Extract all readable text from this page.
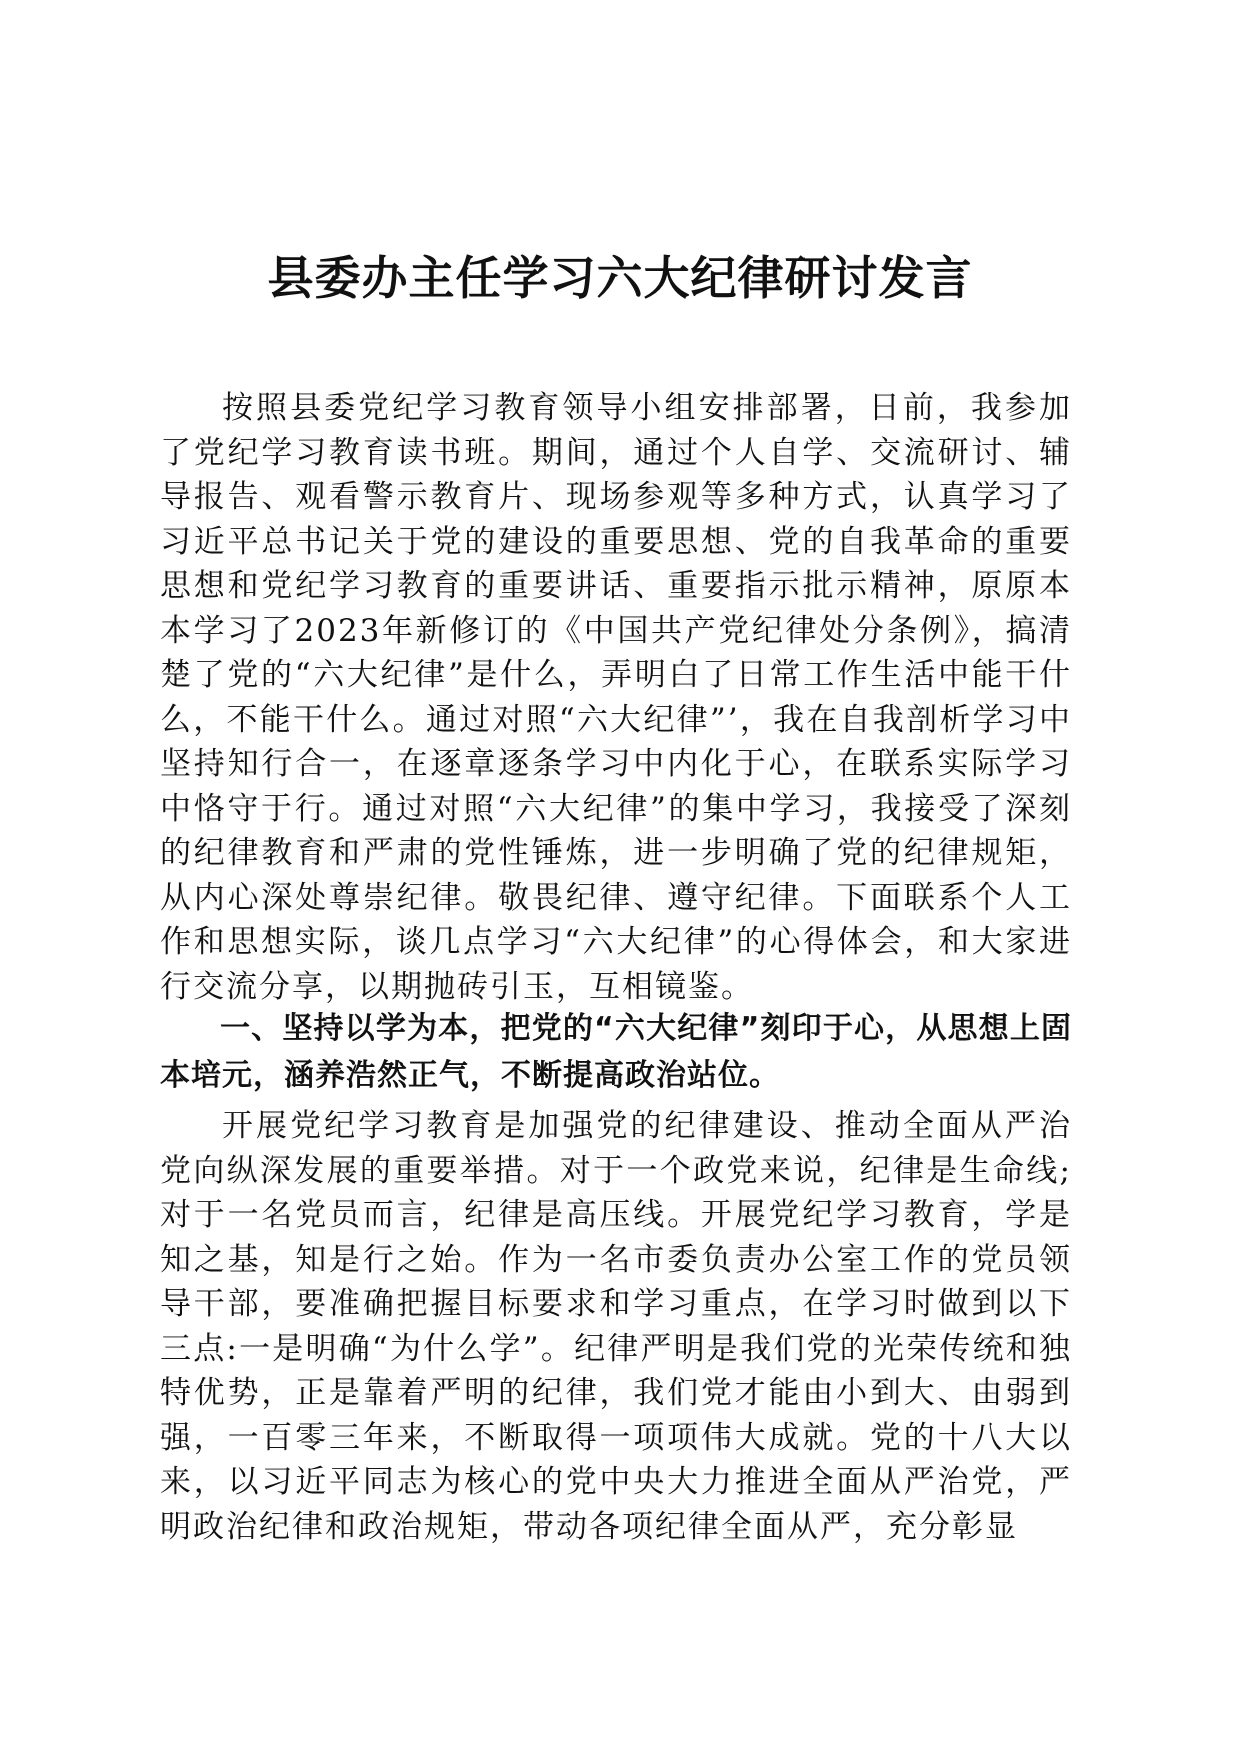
县委办主任学习六大纪律研讨发言

按照县委党纪学习教育领导小组安排部署，日前，我参加了党纪学习教育读书班。期间，通过个人自学、交流研讨、辅导报告、观看警示教育片、现场参观等多种方式，认真学习了习近平总书记关于党的建设的重要思想、党的自我革命的重要思想和党纪学习教育的重要讲话、重要指示批示精神，原原本本学习了2023年新修订的《中国共产党纪律处分条例》，搞清楚了党的“六大纪律”是什么，弄明白了日常工作生活中能干什么，不能干什么。通过对照“六大纪律”’，我在自我剖析学习中坚持知行合一，在逐章逐条学习中内化于心，在联系实际学习中恪守于行。通过对照“六大纪律”的集中学习，我接受了深刻的纪律教育和严肃的党性锤炼，进一步明确了党的纪律规矩，从内心深处尊崇纪律。敬畏纪律、遵守纪律。下面联系个人工作和思想实际，谈几点学习“六大纪律”的心得体会，和大家进行交流分享，以期抛砖引玉，互相镜鉴。

一、坚持以学为本，把党的“六大纪律”刻印于心，从思想上固本培元，涵养浩然正气，不断提高政治站位。

开展党纪学习教育是加强党的纪律建设、推动全面从严治党向纵深发展的重要举措。对于一个政党来说，纪律是生命线;对于一名党员而言，纪律是高压线。开展党纪学习教育，学是知之基，知是行之始。作为一名市委负责办公室工作的党员领导干部，要准确把握目标要求和学习重点，在学习时做到以下三点:一是明确“为什么学”。纪律严明是我们党的光荣传统和独特优势，正是靠着严明的纪律，我们党才能由小到大、由弱到强，一百零三年来，不断取得一项项伟大成就。党的十八大以来，以习近平同志为核心的党中央大力推进全面从严治党，严明政治纪律和政治规矩，带动各项纪律全面从严，充分彰显
